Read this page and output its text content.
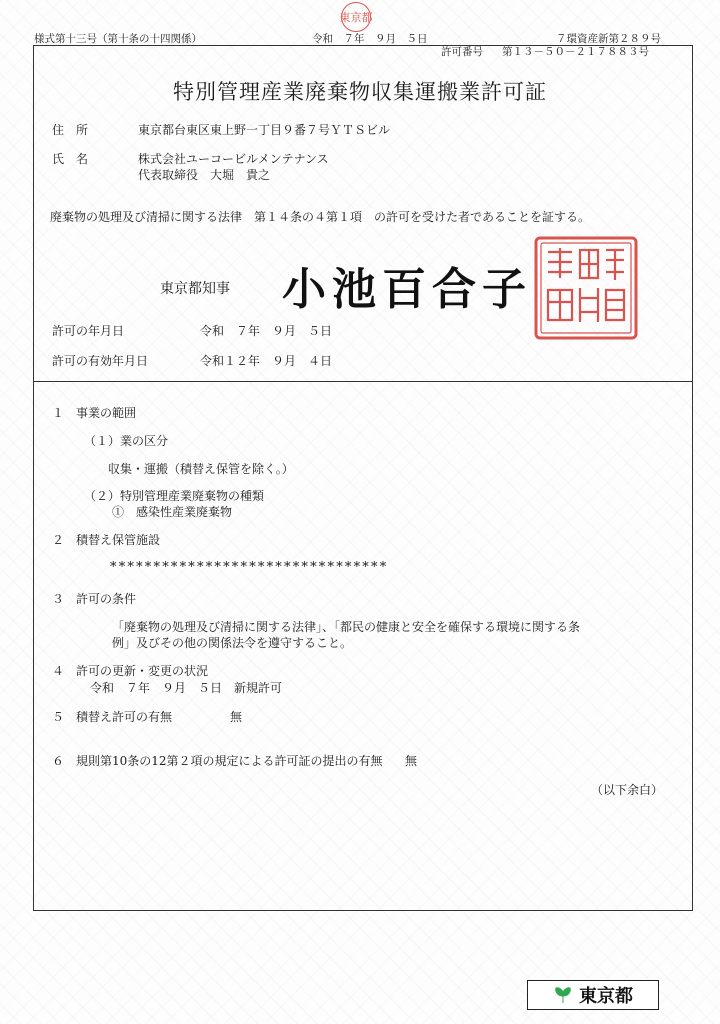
様式第十三号（第十条の十四関係）
東京都
令和　７年　９月　５日	７環資産新第２８９号
許可番号 第１３－５０－２１７８８３号
特別管理産業廃棄物収集運搬業許可証
住　所	東京都台東区東上野一丁目９番７号ＹＴＳビル
氏　名	株式会社ユーコービルメンテナンス
代表取締役　大堀　貴之
廃棄物の処理及び清掃に関する法律　第１４条の４第１項　の許可を受けた者であることを証する。
東京都知事 小池百合子
許可の年月日	令和　７年　９月　５日
許可の有効年月日	令和１２年　９月　４日
１　事業の範囲
（１）業の区分
収集・運搬（積替え保管を除く。）
（２）特別管理産業廃棄物の種類
①　感染性産業廃棄物
２　積替え保管施設
********************************
３　許可の条件
「廃棄物の処理及び清掃に関する法律」、「都民の健康と安全を確保する環境に関する条
例」及びその他の関係法令を遵守すること。
４　許可の更新・変更の状況
令和　７年　９月　５日　新規許可
５　積替え許可の有無	無
６　規則第10条の12第２項の規定による許可証の提出の有無 無
（以下余白）
東京都
